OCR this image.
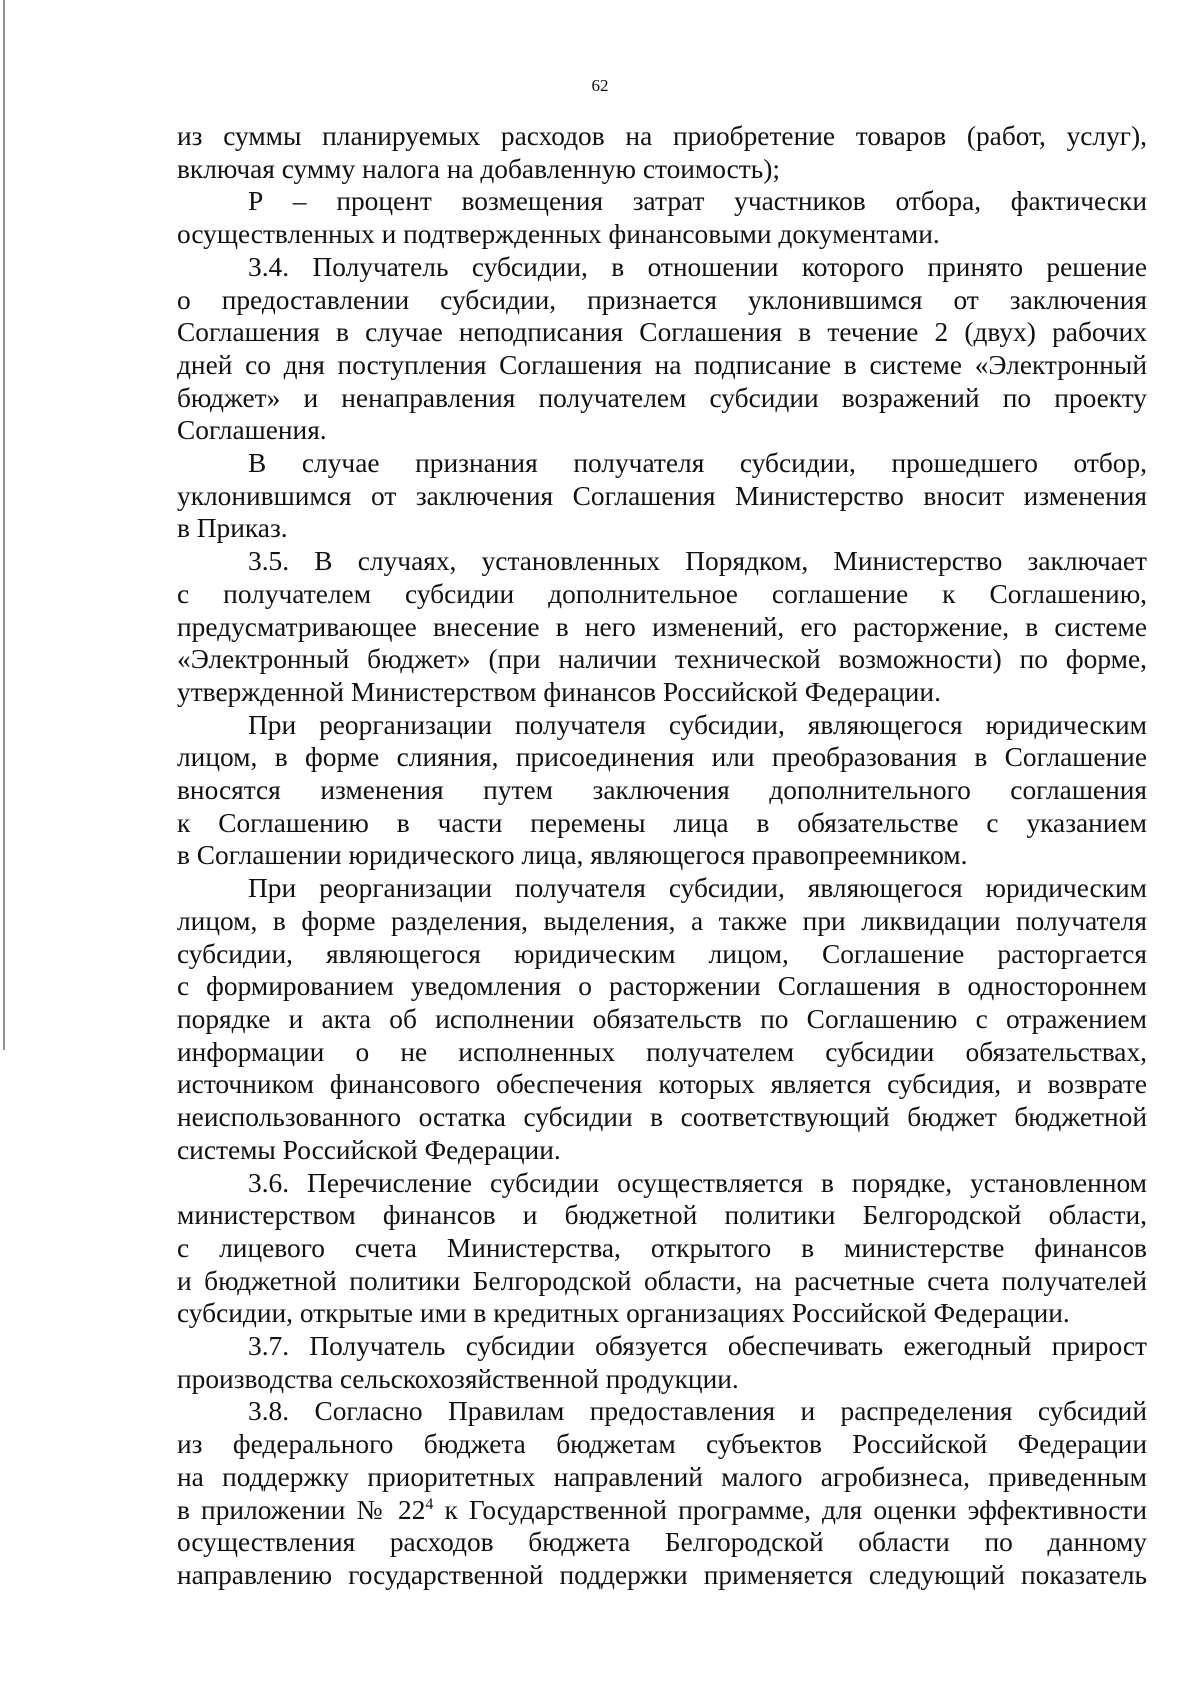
62

из суммы планируемых расходов на приобретение товаров (работ, услуг),

включая сумму налога на добавленную стоимость);

Р – процент возмещения затрат участников отбора, фактически

осуществленных и подтвержденных финансовыми документами.

3.4. Получатель субсидии, в отношении которого принято решение

о предоставлении субсидии, признается уклонившимся от заключения

Соглашения в случае неподписания Соглашения в течение 2 (двух) рабочих

дней со дня поступления Соглашения на подписание в системе «Электронный

бюджет» и ненаправления получателем субсидии возражений по проекту

Соглашения.

В случае признания получателя субсидии, прошедшего отбор,

уклонившимся от заключения Соглашения Министерство вносит изменения

в Приказ.

3.5. В случаях, установленных Порядком, Министерство заключает

с получателем субсидии дополнительное соглашение к Соглашению,

предусматривающее внесение в него изменений, его расторжение, в системе

«Электронный бюджет» (при наличии технической возможности) по форме,

утвержденной Министерством финансов Российской Федерации.

При реорганизации получателя субсидии, являющегося юридическим

лицом, в форме слияния, присоединения или преобразования в Соглашение

вносятся изменения путем заключения дополнительного соглашения

к Соглашению в части перемены лица в обязательстве с указанием

в Соглашении юридического лица, являющегося правопреемником.

При реорганизации получателя субсидии, являющегося юридическим

лицом, в форме разделения, выделения, а также при ликвидации получателя

субсидии, являющегося юридическим лицом, Соглашение расторгается

с формированием уведомления о расторжении Соглашения в одностороннем

порядке и акта об исполнении обязательств по Соглашению с отражением

информации о не исполненных получателем субсидии обязательствах,

источником финансового обеспечения которых является субсидия, и возврате

неиспользованного остатка субсидии в соответствующий бюджет бюджетной

системы Российской Федерации.

3.6. Перечисление субсидии осуществляется в порядке, установленном

министерством финансов и бюджетной политики Белгородской области,

с лицевого счета Министерства, открытого в министерстве финансов

и бюджетной политики Белгородской области, на расчетные счета получателей

субсидии, открытые ими в кредитных организациях Российской Федерации.

3.7. Получатель субсидии обязуется обеспечивать ежегодный прирост

производства сельскохозяйственной продукции.

3.8. Согласно Правилам предоставления и распределения субсидий

из федерального бюджета бюджетам субъектов Российской Федерации

на поддержку приоритетных направлений малого агробизнеса, приведенным

в приложении № $22^4$ к Государственной программе, для оценки эффективности

осуществления расходов бюджета Белгородской области по данному

направлению государственной поддержки применяется следующий показатель
